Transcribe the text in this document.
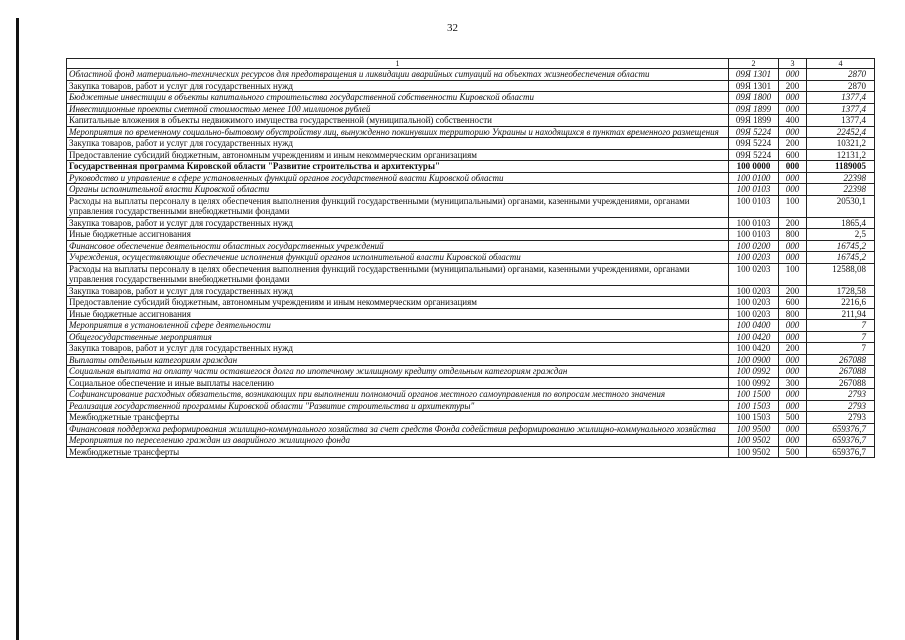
32
1	2	3	4
Областной фонд материально-технических ресурсов для предотвращения и ликвидации аварийных ситуаций на объектах жизнеобеспечения области	09Я 1301	000	2870
Закупка товаров, работ и услуг для государственных нужд	09Я 1301	200	2870
Бюджетные инвестиции в объекты капитального строительства государственной собственности Кировской области	09Я 1800	000	1377,4
Инвестиционные проекты сметной стоимостью менее 100 миллионов рублей	09Я 1899	000	1377,4
Капитальные вложения в объекты недвижимого имущества государственной (муниципальной) собственности	09Я 1899	400	1377,4
Мероприятия по временному социально-бытовому обустройству лиц, вынужденно покинувших территорию Украины и находящихся в пунктах временного размещения	09Я 5224	000	22452,4
Закупка товаров, работ и услуг для государственных нужд	09Я 5224	200	10321,2
Предоставление субсидий бюджетным, автономным учреждениям и иным некоммерческим организациям	09Я 5224	600	12131,2
Государственная программа Кировской области "Развитие строительства и архитектуры"	100 0000	000	1189005
Руководство и управление в сфере установленных функций органов государственной власти Кировской области	100 0100	000	22398
Органы исполнительной власти Кировской области	100 0103	000	22398
Расходы на выплаты персоналу в целях обеспечения выполнения функций государственными (муниципальными) органами, казенными учреждениями, органами управления государственными внебюджетными фондами	100 0103	100	20530,1
Закупка товаров, работ и услуг для государственных нужд	100 0103	200	1865,4
Иные бюджетные ассигнования	100 0103	800	2,5
Финансовое обеспечение деятельности областных государственных учреждений	100 0200	000	16745,2
Учреждения, осуществляющие обеспечение исполнения функций органов исполнительной власти Кировской области	100 0203	000	16745,2
Расходы на выплаты персоналу в целях обеспечения выполнения функций государственными (муниципальными) органами, казенными учреждениями, органами управления государственными внебюджетными фондами	100 0203	100	12588,08
Закупка товаров, работ и услуг для государственных нужд	100 0203	200	1728,58
Предоставление субсидий бюджетным, автономным учреждениям и иным некоммерческим организациям	100 0203	600	2216,6
Иные бюджетные ассигнования	100 0203	800	211,94
Мероприятия в установленной сфере деятельности	100 0400	000	7
Общегосударственные мероприятия	100 0420	000	7
Закупка товаров, работ и услуг для государственных нужд	100 0420	200	7
Выплаты отдельным категориям граждан	100 0900	000	267088
Социальная выплата на оплату части оставшегося долга по ипотечному жилищному кредиту отдельным категориям граждан	100 0992	000	267088
Социальное обеспечение и иные выплаты населению	100 0992	300	267088
Софинансирование расходных обязательств, возникающих при выполнении полномочий органов местного самоуправления по вопросам местного значения	100 1500	000	2793
Реализация государственной программы Кировской области "Развитие строительства и архитектуры"	100 1503	000	2793
Межбюджетные трансферты	100 1503	500	2793
Финансовая поддержка реформирования жилищно-коммунального хозяйства за счет средств Фонда содействия реформированию жилищно-коммунального хозяйства	100 9500	000	659376,7
Мероприятия по переселению граждан из аварийного жилищного фонда	100 9502	000	659376,7
Межбюджетные трансферты	100 9502	500	659376,7
